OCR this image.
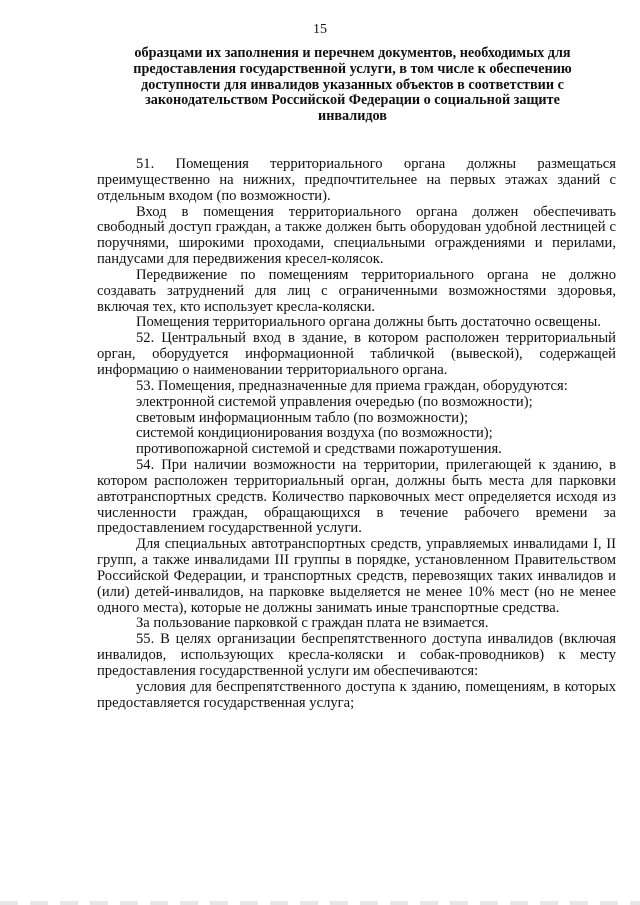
15
образцами их заполнения и перечнем документов, необходимых для предоставления государственной услуги, в том числе к обеспечению доступности для инвалидов указанных объектов в соответствии с законодательством Российской Федерации о социальной защите инвалидов

51. Помещения территориального органа должны размещаться преимущественно на нижних, предпочтительнее на первых этажах зданий с отдельным входом (по возможности).

Вход в помещения территориального органа должен обеспечивать свободный доступ граждан, а также должен быть оборудован удобной лестницей с поручнями, широкими проходами, специальными ограждениями и перилами, пандусами для передвижения кресел-колясок.

Передвижение по помещениям территориального органа не должно создавать затруднений для лиц с ограниченными возможностями здоровья, включая тех, кто использует кресла-коляски.

Помещения территориального органа должны быть достаточно освещены.

52. Центральный вход в здание, в котором расположен территориальный орган, оборудуется информационной табличкой (вывеской), содержащей информацию о наименовании территориального органа.

53. Помещения, предназначенные для приема граждан, оборудуются:

электронной системой управления очередью (по возможности);

световым информационным табло (по возможности);

системой кондиционирования воздуха (по возможности);

противопожарной системой и средствами пожаротушения.

54. При наличии возможности на территории, прилегающей к зданию, в котором расположен территориальный орган, должны быть места для парковки автотранспортных средств. Количество парковочных мест определяется исходя из численности граждан, обращающихся в течение рабочего времени за предоставлением государственной услуги.

Для специальных автотранспортных средств, управляемых инвалидами I, II групп, а также инвалидами III группы в порядке, установленном Правительством Российской Федерации, и транспортных средств, перевозящих таких инвалидов и (или) детей-инвалидов, на парковке выделяется не менее 10% мест (но не менее одного места), которые не должны занимать иные транспортные средства.

За пользование парковкой с граждан плата не взимается.

55. В целях организации беспрепятственного доступа инвалидов (включая инвалидов, использующих кресла-коляски и собак-проводников) к месту предоставления государственной услуги им обеспечиваются:

условия для беспрепятственного доступа к зданию, помещениям, в которых предоставляется государственная услуга;
